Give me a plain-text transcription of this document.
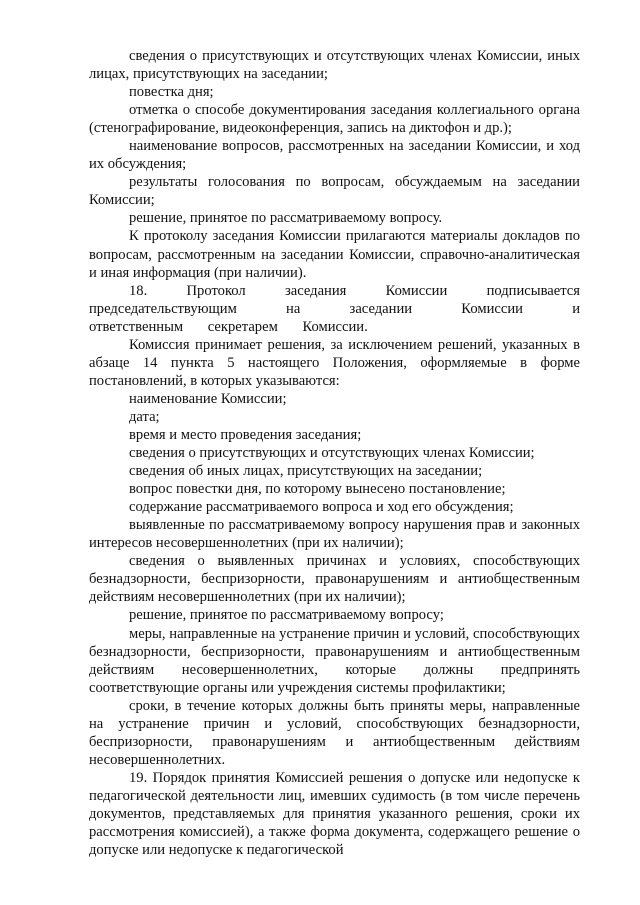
сведения о присутствующих и отсутствующих членах Комиссии, иных лицах, присутствующих на заседании;

повестка дня;

отметка о способе документирования заседания коллегиального органа (стенографирование, видеоконференция, запись на диктофон и др.);

наименование вопросов, рассмотренных на заседании Комиссии, и ход их обсуждения;

результаты голосования по вопросам, обсуждаемым на заседании Комиссии;

решение, принятое по рассматриваемому вопросу.

К протоколу заседания Комиссии прилагаются материалы докладов по вопросам, рассмотренным на заседании Комиссии, справочно-аналитическая и иная информация (при наличии).

18. Протокол заседания Комиссии подписывается председательствующим на заседании Комиссии и ответственным секретарем Комиссии.

Комиссия принимает решения, за исключением решений, указанных в абзаце 14 пункта 5 настоящего Положения, оформляемые в форме постановлений, в которых указываются:

наименование Комиссии;

дата;

время и место проведения заседания;

сведения о присутствующих и отсутствующих членах Комиссии;

сведения об иных лицах, присутствующих на заседании;

вопрос повестки дня, по которому вынесено постановление;

содержание рассматриваемого вопроса и ход его обсуждения;

выявленные по рассматриваемому вопросу нарушения прав и законных интересов несовершеннолетних (при их наличии);

сведения о выявленных причинах и условиях, способствующих безнадзорности, беспризорности, правонарушениям и антиобщественным действиям несовершеннолетних (при их наличии);

решение, принятое по рассматриваемому вопросу;

меры, направленные на устранение причин и условий, способствующих безнадзорности, беспризорности, правонарушениям и антиобщественным действиям несовершеннолетних, которые должны предпринять соответствующие органы или учреждения системы профилактики;

сроки, в течение которых должны быть приняты меры, направленные на устранение причин и условий, способствующих безнадзорности, беспризорности, правонарушениям и антиобщественным действиям несовершеннолетних.

19. Порядок принятия Комиссией решения о допуске или недопуске к педагогической деятельности лиц, имевших судимость (в том числе перечень документов, представляемых для принятия указанного решения, сроки их рассмотрения комиссией), а также форма документа, содержащего решение о допуске или недопуске к педагогической
